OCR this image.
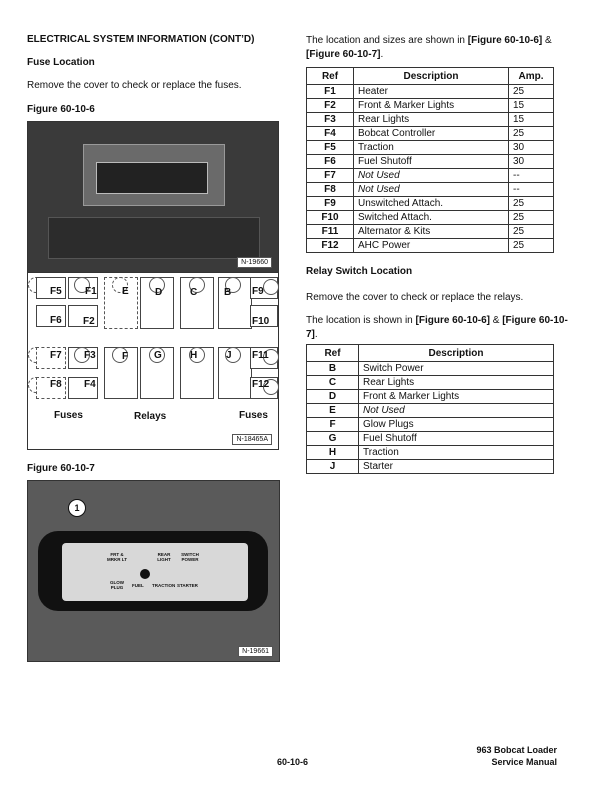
ELECTRICAL SYSTEM INFORMATION (CONT’D)
Fuse Location
Remove the cover to check or replace the fuses.
Figure 60-10-6
N-19660
F5 F1	E	D	C	B F9
F6 F2	F10
F7 F3	F	G	H	J F11
F8 F4	F12
Fuses	Relays	Fuses
N-18465A
Figure 60-10-7
FRT & MRKR LT
REAR LIGHT
SWITCH POWER
GLOW PLUG	FUEL TRACTION STARTER
1
N-19661
The location and sizes are shown in [Figure 60-10-6] & [Figure 60-10-7].
Ref	Description	Amp.
F1	Heater	25
F2	Front & Marker Lights	15
F3	Rear Lights	15
F4	Bobcat Controller	25
F5	Traction	30
F6	Fuel Shutoff	30
F7	Not Used	--
F8	Not Used	--
F9	Unswitched Attach.	25
F10	Switched Attach.	25
F11	Alternator & Kits	25
F12	AHC Power	25
Relay Switch Location
Remove the cover to check or replace the relays.
The location is shown in [Figure 60-10-6] & [Figure 60-10-7].
Ref	Description
B	Switch Power
C	Rear Lights
D	Front & Marker Lights
E	Not Used
F	Glow Plugs
G	Fuel Shutoff
H	Traction
J	Starter
60-10-6
963 Bobcat Loader
Service Manual
